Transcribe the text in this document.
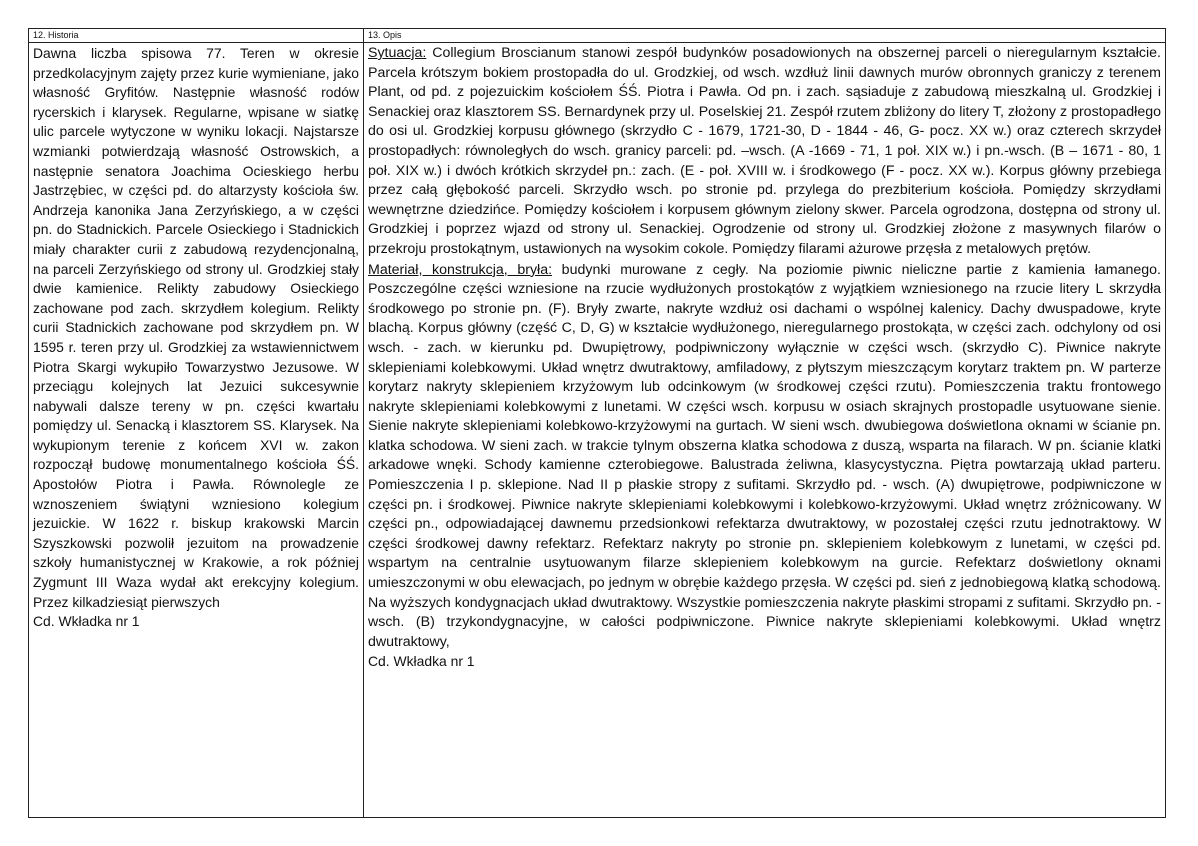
12. Historia
Dawna liczba spisowa 77. Teren w okresie przedkolacyjnym zajęty przez kurie wymieniane, jako własność Gryfitów. Następnie własność rodów rycerskich i klarysek. Regularne, wpisane w siatkę ulic parcele wytyczone w wyniku lokacji. Najstarsze wzmianki potwierdzają własność Ostrowskich, a następnie senatora Joachima Ocieskiego herbu Jastrzębiec, w części pd. do altarzysty kościoła św. Andrzeja kanonika Jana Zerzyńskiego, a w części pn. do Stadnickich. Parcele Osieckiego i Stadnickich miały charakter curii z zabudową rezydencjonalną, na parceli Zerzyńskiego od strony ul. Grodzkiej stały dwie kamienice. Relikty zabudowy Osieckiego zachowane pod zach. skrzydłem kolegium. Relikty curii Stadnickich zachowane pod skrzydłem pn. W 1595 r. teren przy ul. Grodzkiej za wstawiennictwem Piotra Skargi wykupiło Towarzystwo Jezusowe. W przeciągu kolejnych lat Jezuici sukcesywnie nabywali dalsze tereny w pn. części kwartału pomiędzy ul. Senacką i klasztorem SS. Klarysek. Na wykupionym terenie z końcem XVI w. zakon rozpoczął budowę monumentalnego kościoła ŚŚ. Apostołów Piotra i Pawła. Równolegle ze wznoszeniem świątyni wzniesiono kolegium jezuickie. W 1622 r. biskup krakowski Marcin Szyszkowski pozwolił jezuitom na prowadzenie szkoły humanistycznej w Krakowie, a rok później Zygmunt III Waza wydał akt erekcyjny kolegium. Przez kilkadziesiąt pierwszych
Cd. Wkładka nr 1
13. Opis
Sytuacja: Collegium Broscianum stanowi zespół budynków posadowionych na obszernej parceli o nieregularnym kształcie. Parcela krótszym bokiem prostopadła do ul. Grodzkiej, od wsch. wzdłuż linii dawnych murów obronnych graniczy z terenem Plant, od pd. z pojezuickim kościołem ŚŚ. Piotra i Pawła. Od pn. i zach. sąsiaduje z zabudową mieszkalną ul. Grodzkiej i Senackiej oraz klasztorem SS. Bernardynek przy ul. Poselskiej 21. Zespół rzutem zbliżony do litery T, złożony z prostopadłego do osi ul. Grodzkiej korpusu głównego (skrzydło C - 1679, 1721-30, D - 1844 - 46, G- pocz. XX w.) oraz czterech skrzydeł prostopadłych: równoległych do wsch. granicy parceli: pd. –wsch. (A -1669 - 71, 1 poł. XIX w.) i pn.-wsch. (B – 1671 - 80, 1 poł. XIX w.) i dwóch krótkich skrzydeł pn.: zach. (E - poł. XVIII w. i środkowego (F - pocz. XX w.). Korpus główny przebiega przez całą głębokość parceli. Skrzydło wsch. po stronie pd. przylega do prezbiterium kościoła. Pomiędzy skrzydłami wewnętrzne dziedzińce. Pomiędzy kościołem i korpusem głównym zielony skwer. Parcela ogrodzona, dostępna od strony ul. Grodzkiej i poprzez wjazd od strony ul. Senackiej. Ogrodzenie od strony ul. Grodzkiej złożone z masywnych filarów o przekroju prostokątnym, ustawionych na wysokim cokole. Pomiędzy filarami ażurowe przęsła z metalowych prętów.
Materiał, konstrukcja, bryła: budynki murowane z cegły. Na poziomie piwnic nieliczne partie z kamienia łamanego. Poszczególne części wzniesione na rzucie wydłużonych prostokątów z wyjątkiem wzniesionego na rzucie litery L skrzydła środkowego po stronie pn. (F). Bryły zwarte, nakryte wzdłuż osi dachami o wspólnej kalenicy. Dachy dwuspadowe, kryte blachą. Korpus główny (część C, D, G) w kształcie wydłużonego, nieregularnego prostokąta, w części zach. odchylony od osi wsch. - zach. w kierunku pd. Dwupiętrowy, podpiwniczony wyłącznie w części wsch. (skrzydło C). Piwnice nakryte sklepieniami kolebkowymi. Układ wnętrz dwutraktowy, amfiladowy, z płytszym mieszczącym korytarz traktem pn. W parterze korytarz nakryty sklepieniem krzyżowym lub odcinkowym (w środkowej części rzutu). Pomieszczenia traktu frontowego nakryte sklepieniami kolebkowymi z lunetami. W części wsch. korpusu w osiach skrajnych prostopadle usytuowane sienie. Sienie nakryte sklepieniami kolebkowo-krzyżowymi na gurtach. W sieni wsch. dwubiegowa doświetlona oknami w ścianie pn. klatka schodowa. W sieni zach. w trakcie tylnym obszerna klatka schodowa z duszą, wsparta na filarach. W pn. ścianie klatki arkadowe wnęki. Schody kamienne czterobiegowe. Balustrada żeliwna, klasycystyczna. Piętra powtarzają układ parteru. Pomieszczenia I p. sklepione. Nad II p płaskie stropy z sufitami. Skrzydło pd. - wsch. (A) dwupiętrowe, podpiwniczone w części pn. i środkowej. Piwnice nakryte sklepieniami kolebkowymi i kolebkowo-krzyżowymi. Układ wnętrz zróżnicowany. W części pn., odpowiadającej dawnemu przedsionkowi refektarza dwutraktowy, w pozostałej części rzutu jednotraktowy. W części środkowej dawny refektarz. Refektarz nakryty po stronie pn. sklepieniem kolebkowym z lunetami, w części pd. wspartym na centralnie usytuowanym filarze sklepieniem kolebkowym na gurcie. Refektarz doświetlony oknami umieszczonymi w obu elewacjach, po jednym w obrębie każdego przęsła. W części pd. sień z jednobiegową klatką schodową. Na wyższych kondygnacjach układ dwutraktowy. Wszystkie pomieszczenia nakryte płaskimi stropami z sufitami. Skrzydło pn. - wsch. (B) trzykondygnacyjne, w całości podpiwniczone. Piwnice nakryte sklepieniami kolebkowymi. Układ wnętrz dwutraktowy,
Cd. Wkładka nr 1
